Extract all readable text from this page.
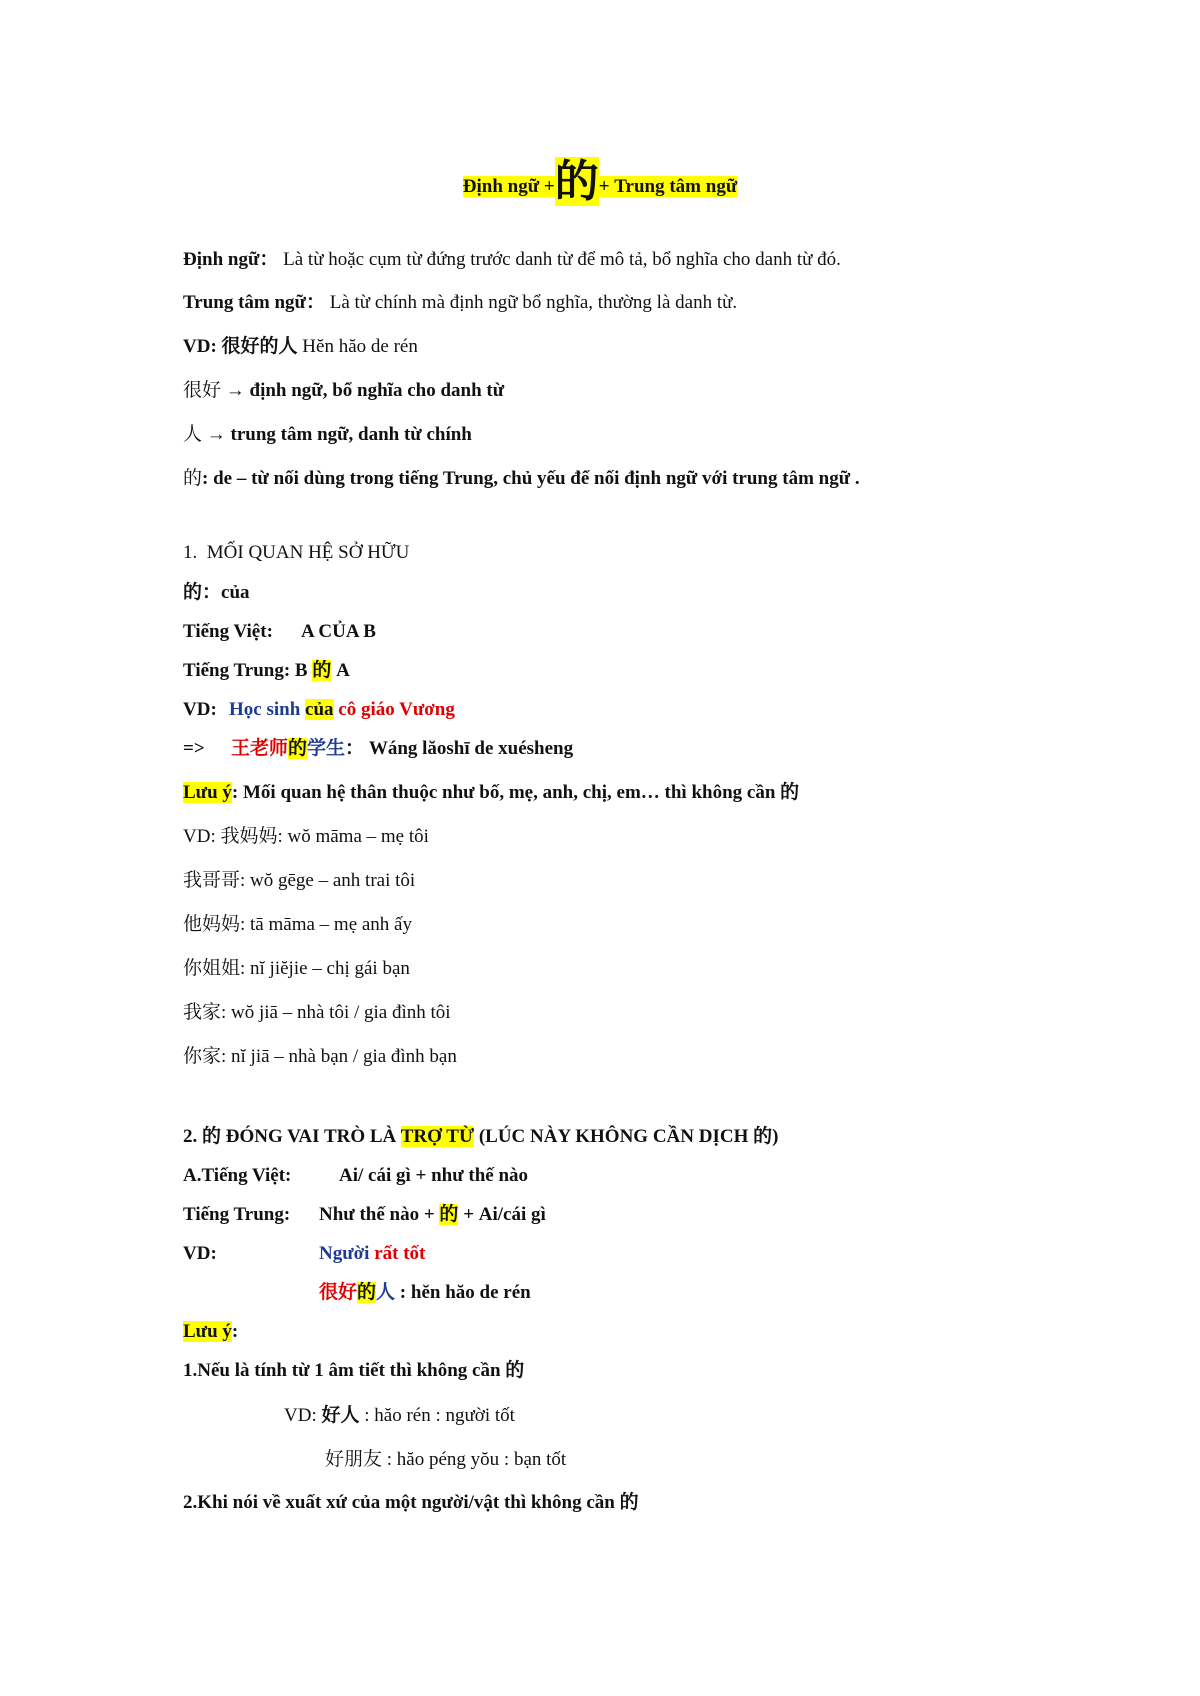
Định ngữ +的+ Trung tâm ngữ
Định ngữ： Là từ hoặc cụm từ đứng trước danh từ để mô tả, bổ nghĩa cho danh từ đó.
Trung tâm ngữ： Là từ chính mà định ngữ bổ nghĩa, thường là danh từ.
VD: 很好的人 Hĕn hăo de rén
很好 → định ngữ, bổ nghĩa cho danh từ
人 → trung tâm ngữ, danh từ chính
的: de – từ nối dùng trong tiếng Trung, chủ yếu để nối định ngữ với trung tâm ngữ .
1. MỐI QUAN HỆ SỞ HỮU
的：của
Tiếng Việt: A CỦA B
Tiếng Trung: B 的 A
VD: Học sinh của cô giáo Vương
=> 王老师的学生： Wáng lăoshī de xuésheng
Lưu ý: Mối quan hệ thân thuộc như bố, mẹ, anh, chị, em… thì không cần 的
VD: 我妈妈: wŏ māma – mẹ tôi
我哥哥: wŏ gēge – anh trai tôi
他妈妈: tā māma – mẹ anh ấy
你姐姐: nĭ jiĕjie – chị gái bạn
我家: wŏ jiā – nhà tôi / gia đình tôi
你家: nĭ jiā – nhà bạn / gia đình bạn
2. 的 ĐÓNG VAI TRÒ LÀ TRỢ TỪ (LÚC NÀY KHÔNG CẦN DỊCH 的)
A.Tiếng Việt:	Ai/ cái gì + như thế nào
Tiếng Trung: Như thế nào + 的 + Ai/cái gì
VD:	Người rất tốt
很好的人 : hĕn hăo de rén
Lưu ý:
1.Nếu là tính từ 1 âm tiết thì không cần 的
VD: 好人 : hăo rén : người tốt
好朋友 : hăo péng yŏu : bạn tốt
2.Khi nói về xuất xứ của một người/vật thì không cần 的
